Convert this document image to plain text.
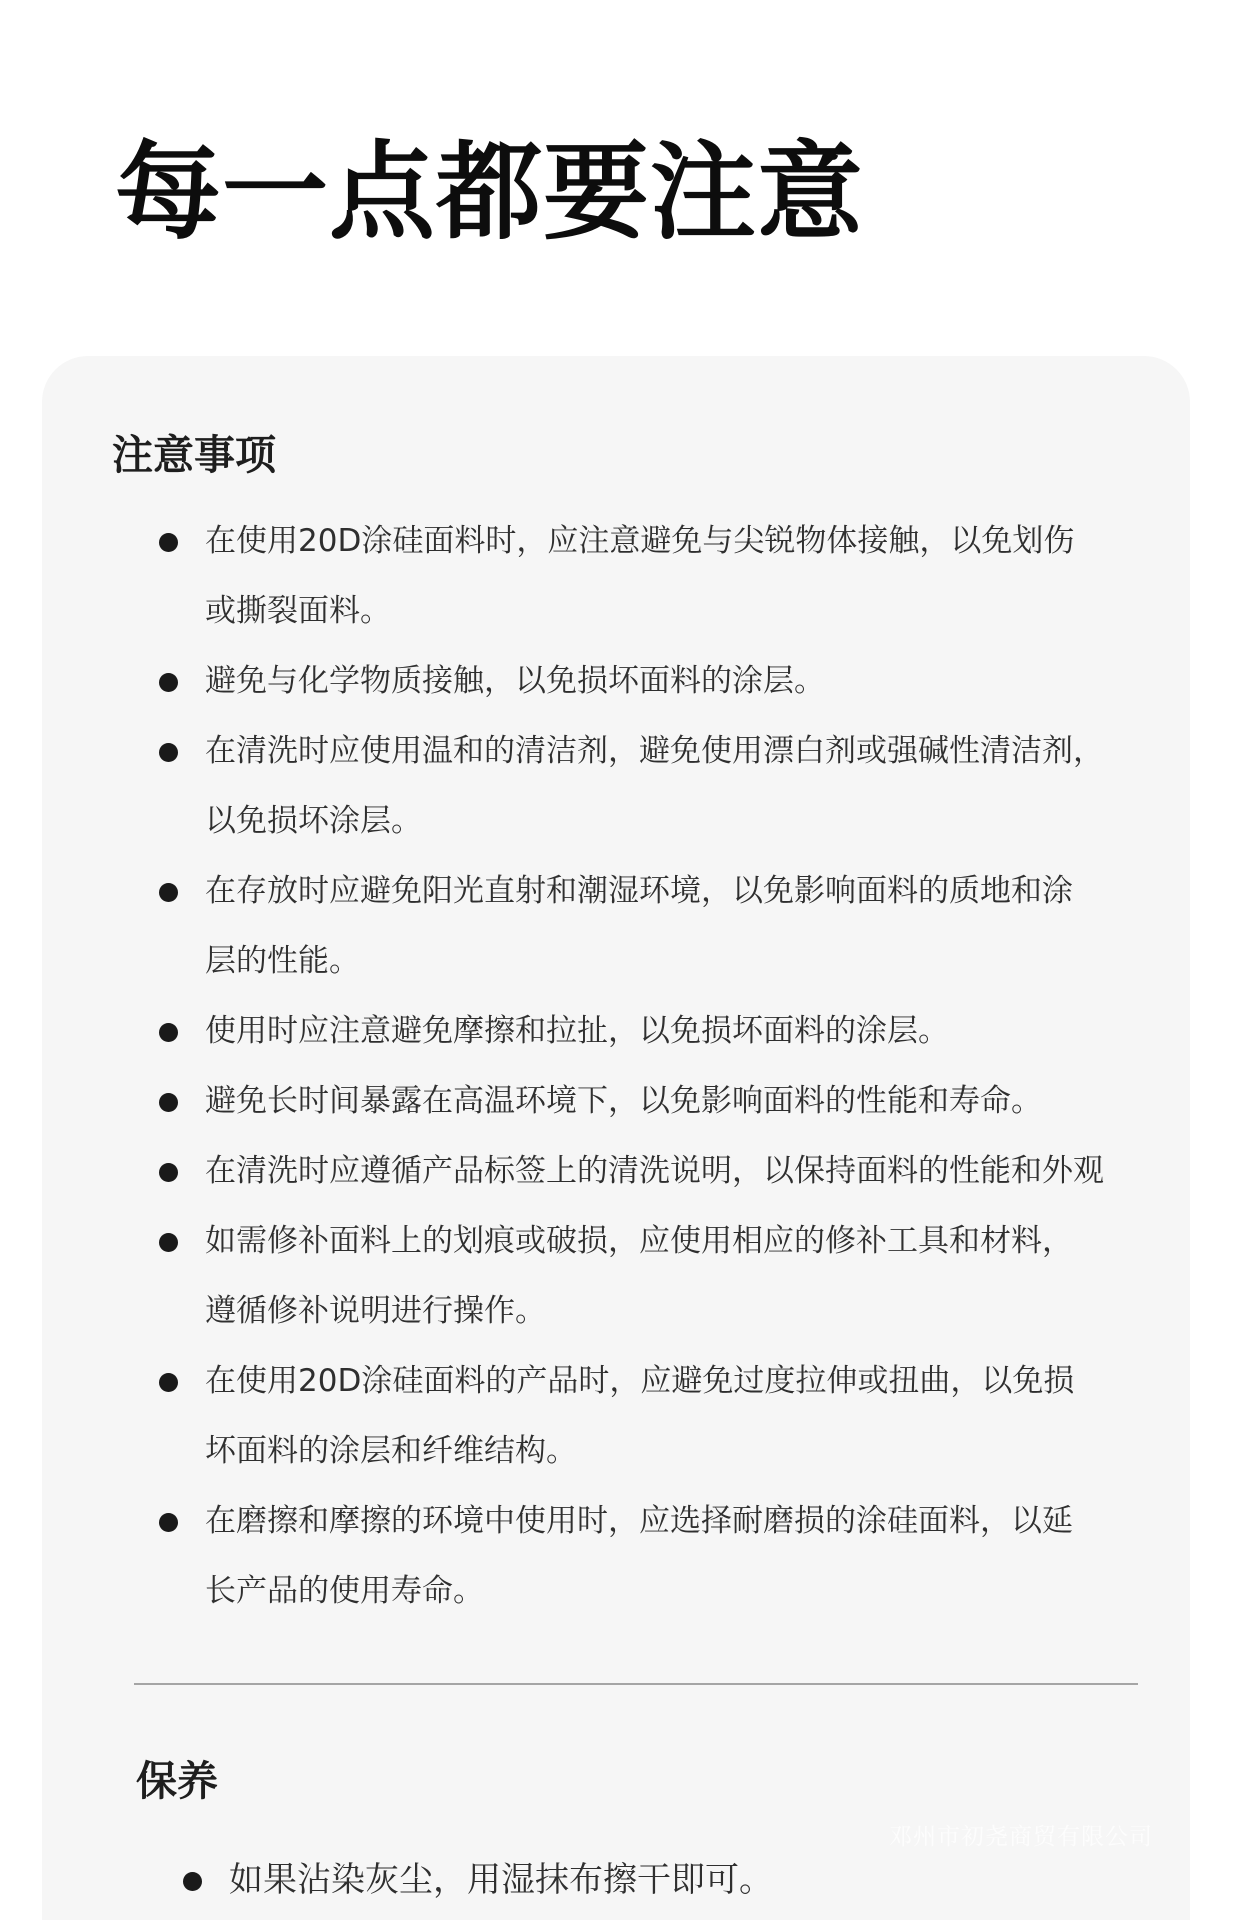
每一点都要注意
注意事项
在使用20D涂硅面料时，应注意避免与尖锐物体接触，以免划伤
或撕裂面料。
避免与化学物质接触，以免损坏面料的涂层。
在清洗时应使用温和的清洁剂，避免使用漂白剂或强碱性清洁剂，
以免损坏涂层。
在存放时应避免阳光直射和潮湿环境，以免影响面料的质地和涂
层的性能。
使用时应注意避免摩擦和拉扯，以免损坏面料的涂层。
避免长时间暴露在高温环境下，以免影响面料的性能和寿命。
在清洗时应遵循产品标签上的清洗说明，以保持面料的性能和外观
如需修补面料上的划痕或破损，应使用相应的修补工具和材料，
遵循修补说明进行操作。
在使用20D涂硅面料的产品时，应避免过度拉伸或扭曲，以免损
坏面料的涂层和纤维结构。
在磨擦和摩擦的环境中使用时，应选择耐磨损的涂硅面料，以延
长产品的使用寿命。
保养
如果沾染灰尘，用湿抹布擦干即可。
邓州市初尧商贸有限公司
